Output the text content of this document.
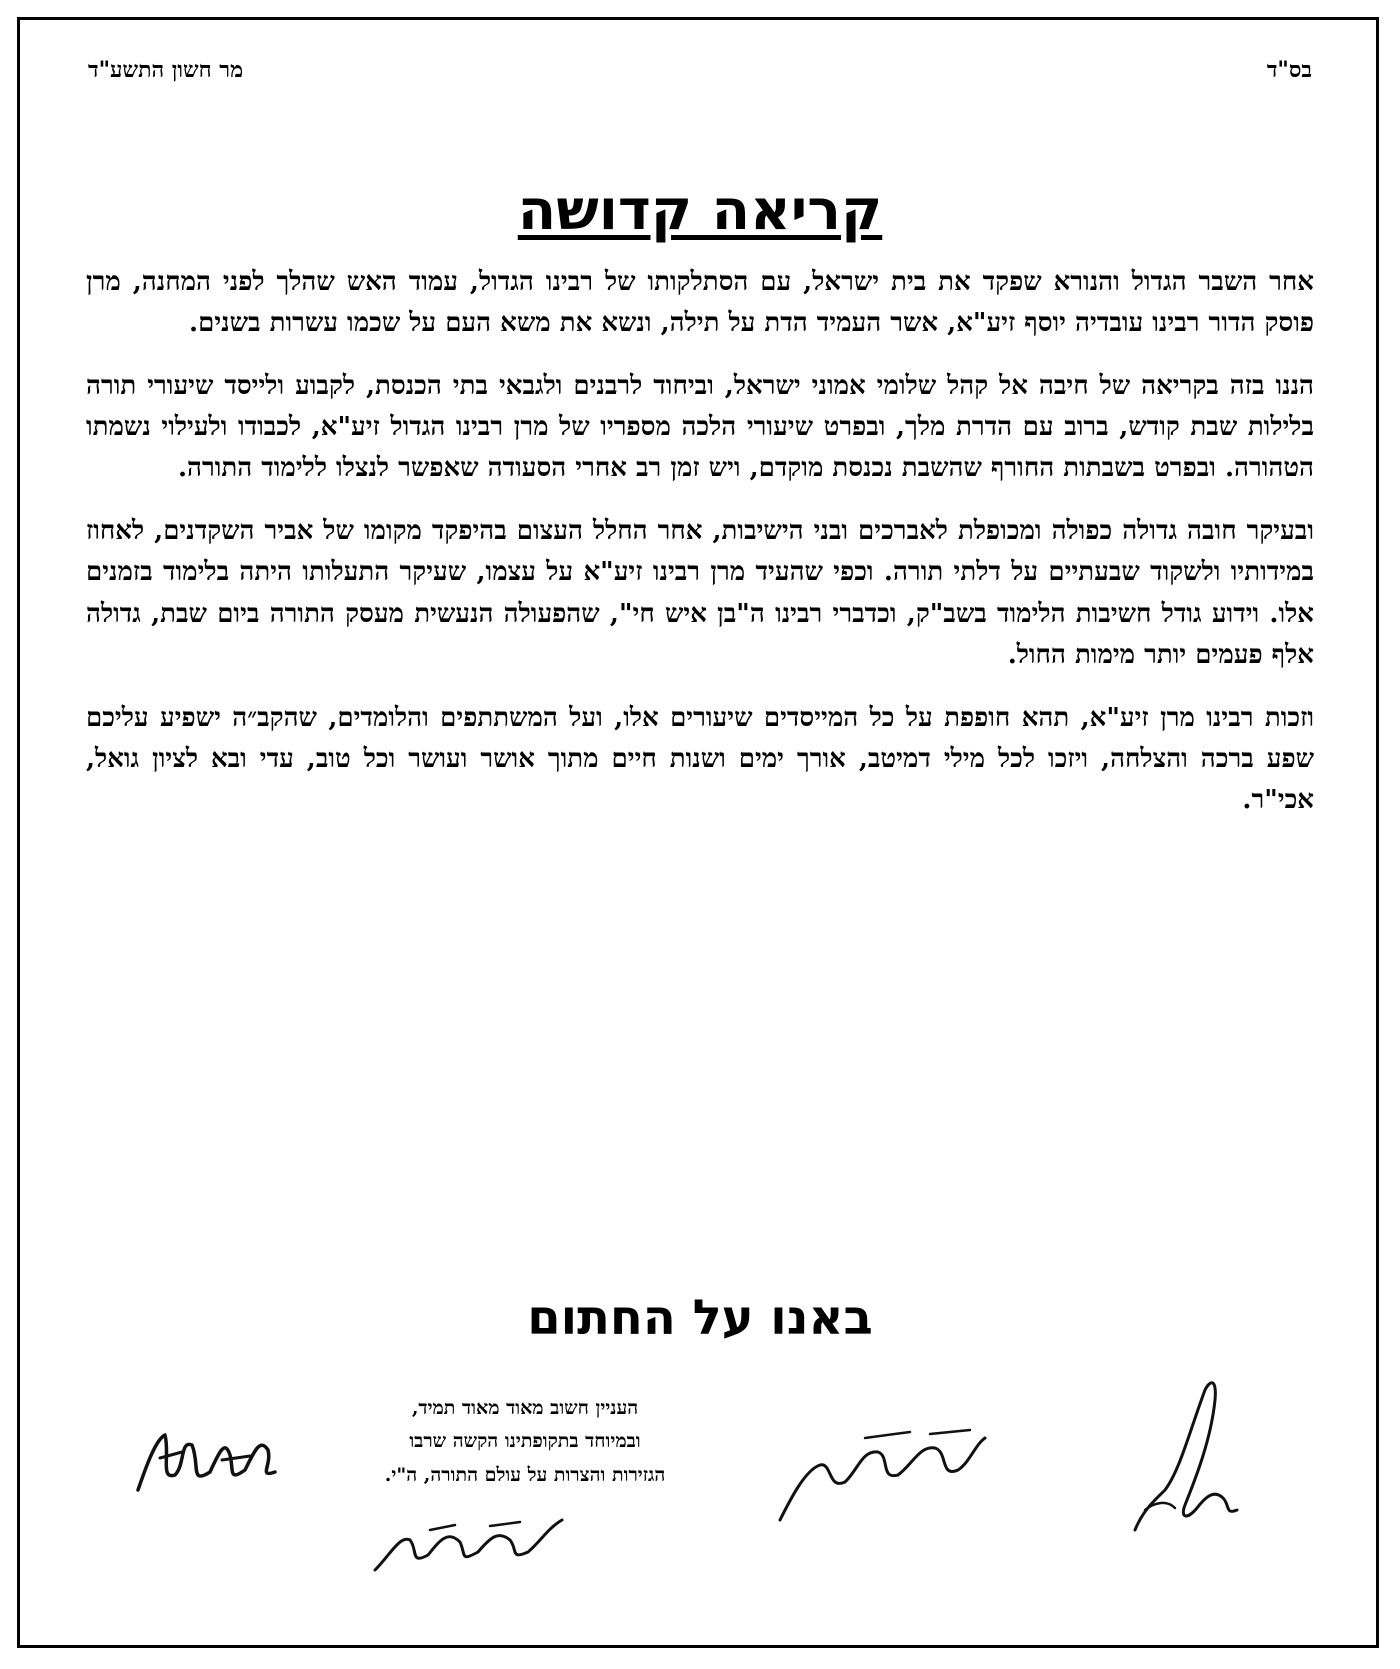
בס"ד
מר חשון התשע"ד
קריאה קדושה

אחר השבר הגדול והנורא שפקד את בית ישראל, עם הסתלקותו של רבינו הגדול, עמוד האש שהלך לפני המחנה, מרן פוסק הדור רבינו עובדיה יוסף זיע"א, אשר העמיד הדת על תילה, ונשא את משא העם על שכמו עשרות בשנים.

הננו בזה בקריאה של חיבה אל קהל שלומי אמוני ישראל, וביחוד לרבנים ולגבאי בתי הכנסת, לקבוע ולייסד שיעורי תורה בלילות שבת קודש, ברוב עם הדרת מלך, ובפרט שיעורי הלכה מספריו של מרן רבינו הגדול זיע"א, לכבודו ולעילוי נשמתו הטהורה. ובפרט בשבתות החורף שהשבת נכנסת מוקדם, ויש זמן רב אחרי הסעודה שאפשר לנצלו ללימוד התורה.

ובעיקר חובה גדולה כפולה ומכופלת לאברכים ובני הישיבות, אחר החלל העצום בהיפקד מקומו של אביר השקדנים, לאחוז במידותיו ולשקוד שבעתיים על דלתי תורה. וכפי שהעיד מרן רבינו זיע"א על עצמו, שעיקר התעלותו היתה בלימוד בזמנים אלו. וידוע גודל חשיבות הלימוד בשב"ק, וכדברי רבינו ה"בן איש חי", שהפעולה הנעשית מעסק התורה ביום שבת, גדולה אלף פעמים יותר מימות החול.

וזכות רבינו מרן זיע"א, תהא חופפת על כל המייסדים שיעורים אלו, ועל המשתתפים והלומדים, שהקב״ה ישפיע עליכם שפע ברכה והצלחה, ויזכו לכל מילי דמיטב, אורך ימים ושנות חיים מתוך אושר ועושר וכל טוב, עדי ובא לציון גואל, אכי"ר.

באנו על החתום
העניין חשוב מאוד מאוד תמיד,
ובמיוחד בתקופתינו הקשה שרבו
הגזירות והצרות על עולם התורה, ה"י.
